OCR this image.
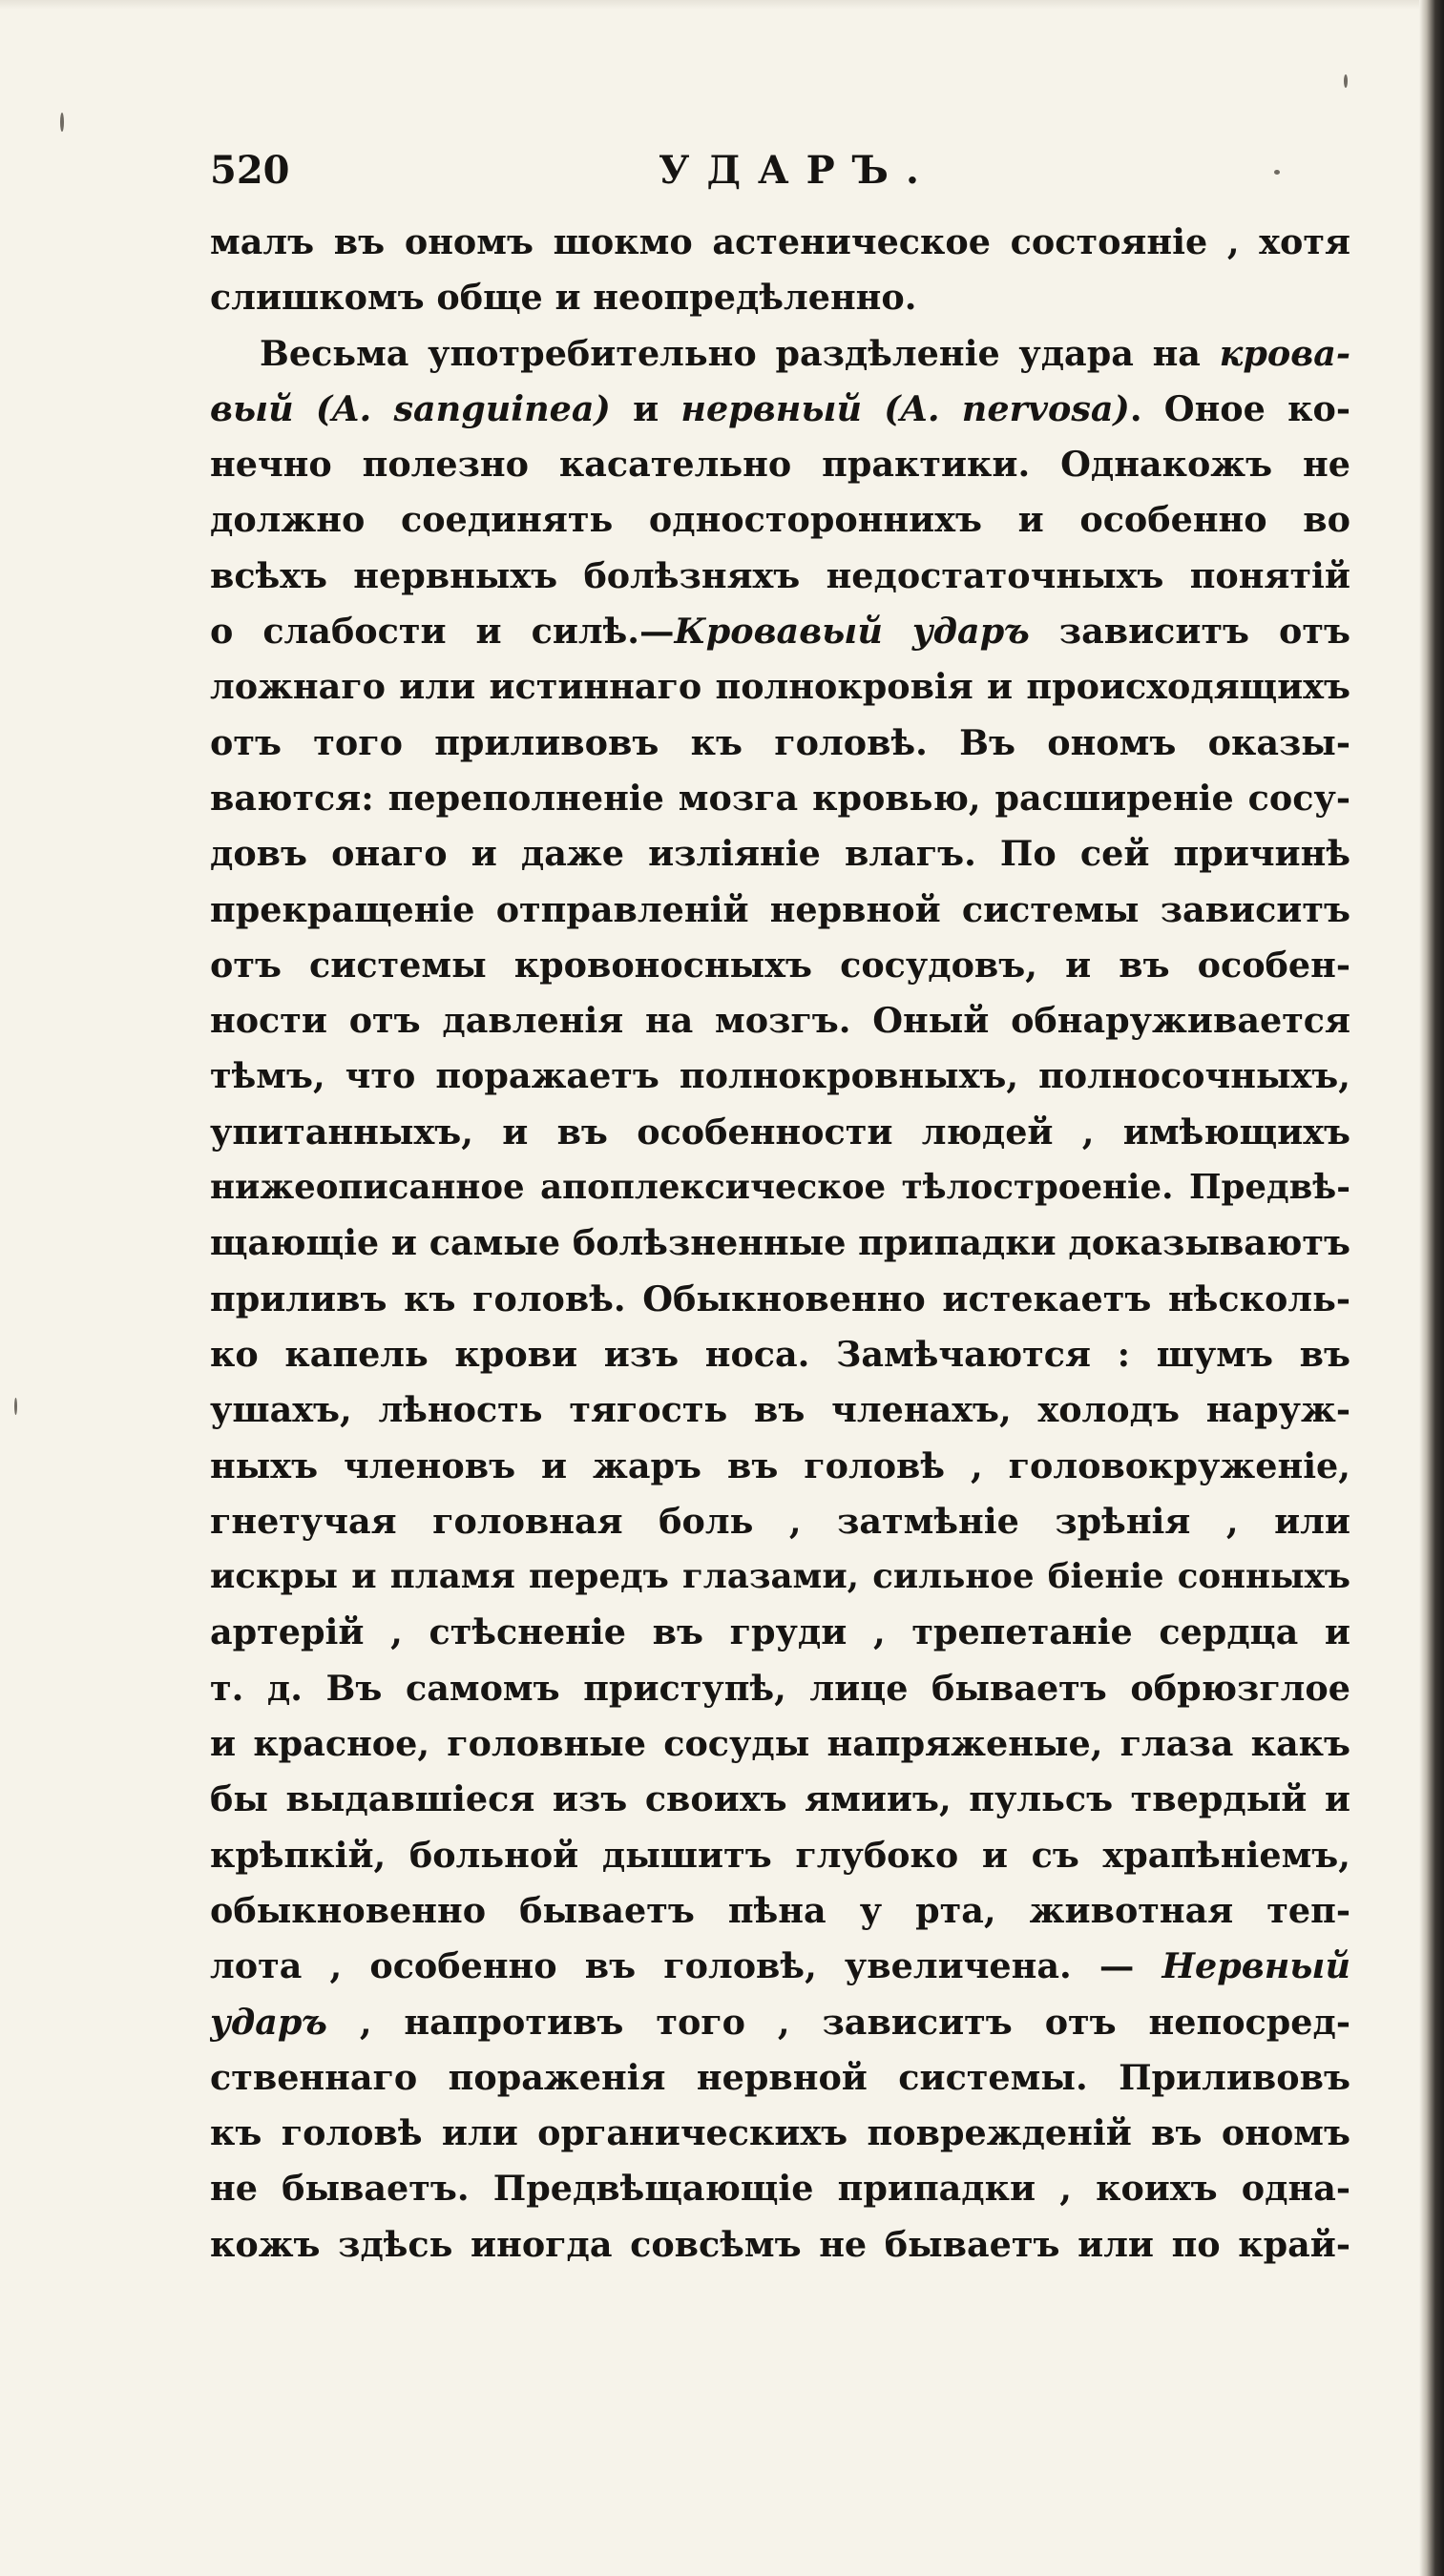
520	УДАРЪ.
малъ въ ономъ шокмо астеническое состояніе , хотя
слишкомъ обще и неопредѣленно.
Весьма употребительно раздѣленіе удара на крова-
вый (A. sanguinea) и нервный (A. nervosa). Оное ко-
нечно полезно касательно практики. Однакожъ не
должно соединять одностороннихъ и особенно во
всѣхъ нервныхъ болѣзняхъ недостаточныхъ понятій
о слабости и силѣ.—Кровавый ударъ зависитъ отъ
ложнаго или истиннаго полнокровія и происходящихъ
отъ того приливовъ къ головѣ. Въ ономъ оказы-
ваются: переполненіе мозга кровью, расширеніе сосу-
довъ онаго и даже изліяніе влагъ. По сей причинѣ
прекращеніе отправленій нервной системы зависитъ
отъ системы кровоносныхъ сосудовъ, и въ особен-
ности отъ давленія на мозгъ. Оный обнаруживается
тѣмъ, что поражаетъ полнокровныхъ, полносочныхъ,
упитанныхъ, и въ особенности людей , имѣющихъ
нижеописанное апоплексическое тѣлостроеніе. Предвѣ-
щающіе и самые болѣзненные припадки доказываютъ
приливъ къ головѣ. Обыкновенно истекаетъ нѣсколь-
ко капель крови изъ носа. Замѣчаются : шумъ въ
ушахъ, лѣность тягость въ членахъ, холодъ наруж-
ныхъ членовъ и жаръ въ головѣ , головокруженіе,
гнетучая головная боль , затмѣніе зрѣнія , или
искры и пламя передъ глазами, сильное біеніе сонныхъ
артерій , стѣсненіе въ груди , трепетаніе сердца и
т. д. Въ самомъ приступѣ, лице бываетъ обрюзглое
и красное, головные сосуды напряженые, глаза какъ
бы выдавшіеся изъ своихъ ямииъ, пульсъ твердый и
крѣпкій, больной дышитъ глубоко и съ храпѣніемъ,
обыкновенно бываетъ пѣна у рта, животная теп-
лота , особенно въ головѣ, увеличена. — Нервный
ударъ , напротивъ того , зависитъ отъ непосред-
ственнаго пораженія нервной системы. Приливовъ
къ головѣ или органическихъ поврежденій въ ономъ
не бываетъ. Предвѣщающіе припадки , коихъ одна-
кожъ здѣсь иногда совсѣмъ не бываетъ или по край-
